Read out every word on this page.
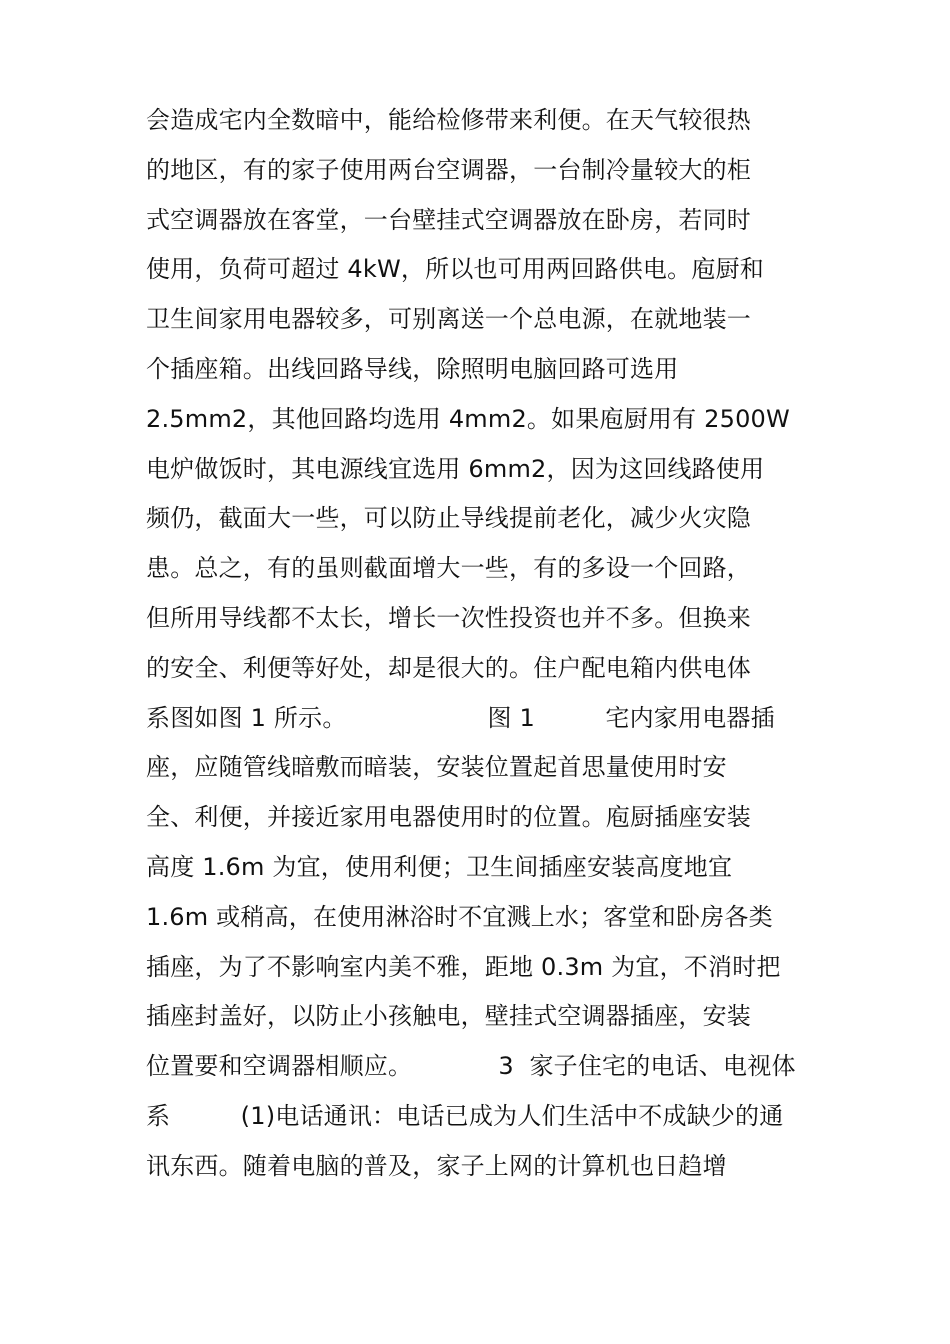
会造成宅内全数暗中，能给检修带来利便。在天气较很热
的地区，有的家子使用两台空调器，一台制冷量较大的柜
式空调器放在客堂，一台壁挂式空调器放在卧房，若同时
使用，负荷可超过 4kW，所以也可用两回路供电。庖厨和
卫生间家用电器较多，可别离送一个总电源，在就地装一
个插座箱。出线回路导线，除照明电脑回路可选用
2.5mm2，其他回路均选用 4mm2。如果庖厨用有 2500W
电炉做饭时，其电源线宜选用 6mm2，因为这回线路使用
频仍，截面大一些，可以防止导线提前老化，减少火灾隐
患。总之，有的虽则截面增大一些，有的多设一个回路，
但所用导线都不太长，增长一次性投资也并不多。但换来
的安全、利便等好处，却是很大的。住户配电箱内供电体
系图如图 1 所示。                  图 1         宅内家用电器插
座，应随管线暗敷而暗装，安装位置起首思量使用时安
全、利便，并接近家用电器使用时的位置。庖厨插座安装
高度 1.6m 为宜，使用利便；卫生间插座安装高度地宜
1.6m 或稍高，在使用淋浴时不宜溅上水；客堂和卧房各类
插座，为了不影响室内美不雅，距地 0.3m 为宜，不消时把
插座封盖好，以防止小孩触电，壁挂式空调器插座，安装
位置要和空调器相顺应。           3  家子住宅的电话、电视体
系         (1)电话通讯：电话已成为人们生活中不成缺少的通
讯东西。随着电脑的普及，家子上网的计算机也日趋增
